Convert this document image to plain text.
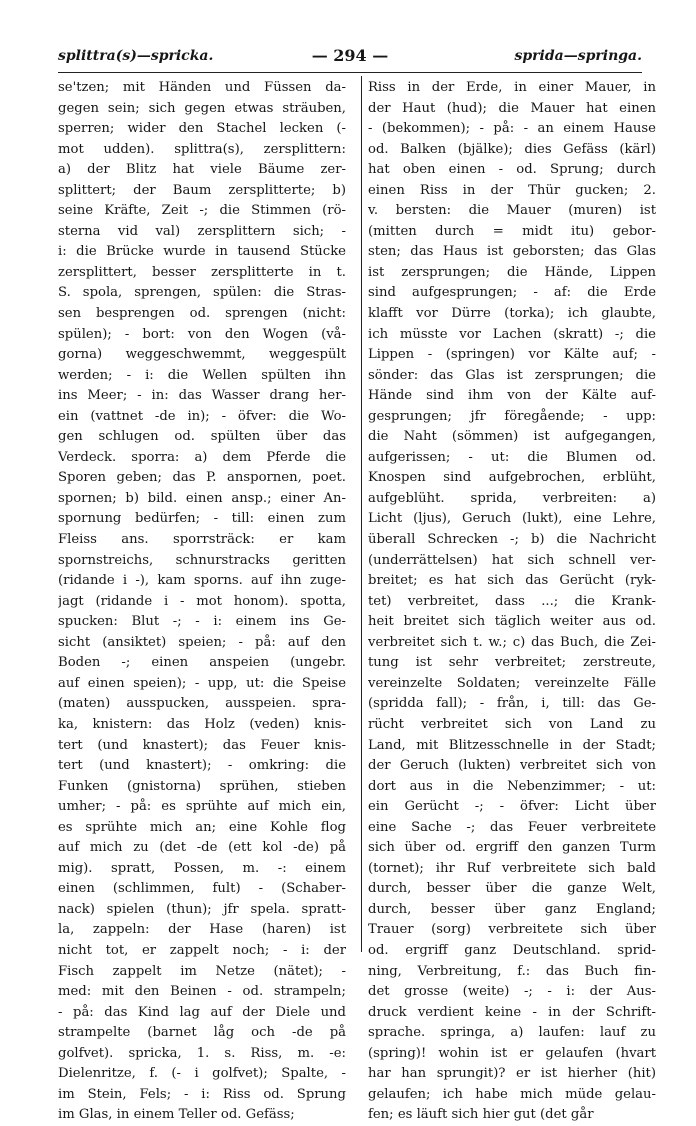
splittra(s)—spricka.	— 294 —	sprida—springa.
se'tzen; mit Händen und Füssen da-
gegen sein; sich gegen etwas sträuben,
sperren; wider den Stachel lecken (-
mot udden). splittra(s), zersplittern:
a) der Blitz hat viele Bäume zer-
splittert; der Baum zersplitterte; b)
seine Kräfte, Zeit -; die Stimmen (rö-
sterna vid val) zersplittern sich; -
i: die Brücke wurde in tausend Stücke
zersplittert, besser zersplitterte in t.
S. spola, sprengen, spülen: die Stras-
sen besprengen od. sprengen (nicht:
spülen); - bort: von den Wogen (vå-
gorna) weggeschwemmt, weggespült
werden; - i: die Wellen spülten ihn
ins Meer; - in: das Wasser drang her-
ein (vattnet -de in); - öfver: die Wo-
gen schlugen od. spülten über das
Verdeck. sporra: a) dem Pferde die
Sporen geben; das P. anspornen, poet.
spornen; b) bild. einen ansp.; einer An-
spornung bedürfen; - till: einen zum
Fleiss ans. sporrsträck: er kam
spornstreichs, schnurstracks geritten
(ridande i -), kam sporns. auf ihn zuge-
jagt (ridande i - mot honom). spotta,
spucken: Blut -; - i: einem ins Ge-
sicht (ansiktet) speien; - på: auf den
Boden -; einen anspeien (ungebr.
auf einen speien); - upp, ut: die Speise
(maten) ausspucken, ausspeien. spra-
ka, knistern: das Holz (veden) knis-
tert (und knastert); das Feuer knis-
tert (und knastert); - omkring: die
Funken (gnistorna) sprühen, stieben
umher; - på: es sprühte auf mich ein,
es sprühte mich an; eine Kohle flog
auf mich zu (det -de (ett kol -de) på
mig). spratt, Possen, m. -: einem
einen (schlimmen, fult) - (Schaber-
nack) spielen (thun); jfr spela. spratt-
la, zappeln: der Hase (haren) ist
nicht tot, er zappelt noch; - i: der
Fisch zappelt im Netze (nätet); -
med: mit den Beinen - od. strampeln;
- på: das Kind lag auf der Diele und
strampelte (barnet låg och -de på
golfvet). spricka, 1. s. Riss, m. -e:
Dielenritze, f. (- i golfvet); Spalte, -
im Stein, Fels; - i: Riss od. Sprung
im Glas, in einem Teller od. Gefäss;
Riss in der Erde, in einer Mauer, in
der Haut (hud); die Mauer hat einen
- (bekommen); - på: - an einem Hause
od. Balken (bjälke); dies Gefäss (kärl)
hat oben einen - od. Sprung; durch
einen Riss in der Thür gucken; 2.
v. bersten: die Mauer (muren) ist
(mitten durch = midt itu) gebor-
sten; das Haus ist geborsten; das Glas
ist zersprungen; die Hände, Lippen
sind aufgesprungen; - af: die Erde
klafft vor Dürre (torka); ich glaubte,
ich müsste vor Lachen (skratt) -; die
Lippen - (springen) vor Kälte auf; -
sönder: das Glas ist zersprungen; die
Hände sind ihm von der Kälte auf-
gesprungen; jfr föregående; - upp:
die Naht (sömmen) ist aufgegangen,
aufgerissen; - ut: die Blumen od.
Knospen sind aufgebrochen, erblüht,
aufgeblüht. sprida, verbreiten: a)
Licht (ljus), Geruch (lukt), eine Lehre,
überall Schrecken -; b) die Nachricht
(underrättelsen) hat sich schnell ver-
breitet; es hat sich das Gerücht (ryk-
tet) verbreitet, dass ...; die Krank-
heit breitet sich täglich weiter aus od.
verbreitet sich t. w.; c) das Buch, die Zei-
tung ist sehr verbreitet; zerstreute,
vereinzelte Soldaten; vereinzelte Fälle
(spridda fall); - från, i, till: das Ge-
rücht verbreitet sich von Land zu
Land, mit Blitzesschnelle in der Stadt;
der Geruch (lukten) verbreitet sich von
dort aus in die Nebenzimmer; - ut:
ein Gerücht -; - öfver: Licht über
eine Sache -; das Feuer verbreitete
sich über od. ergriff den ganzen Turm
(tornet); ihr Ruf verbreitete sich bald
durch, besser über die ganze Welt,
durch, besser über ganz England;
Trauer (sorg) verbreitete sich über
od. ergriff ganz Deutschland. sprid-
ning, Verbreitung, f.: das Buch fin-
det grosse (weite) -; - i: der Aus-
druck verdient keine - in der Schrift-
sprache. springa, a) laufen: lauf zu
(spring)! wohin ist er gelaufen (hvart
har han sprungit)? er ist hierher (hit)
gelaufen; ich habe mich müde gelau-
fen; es läuft sich hier gut (det går
